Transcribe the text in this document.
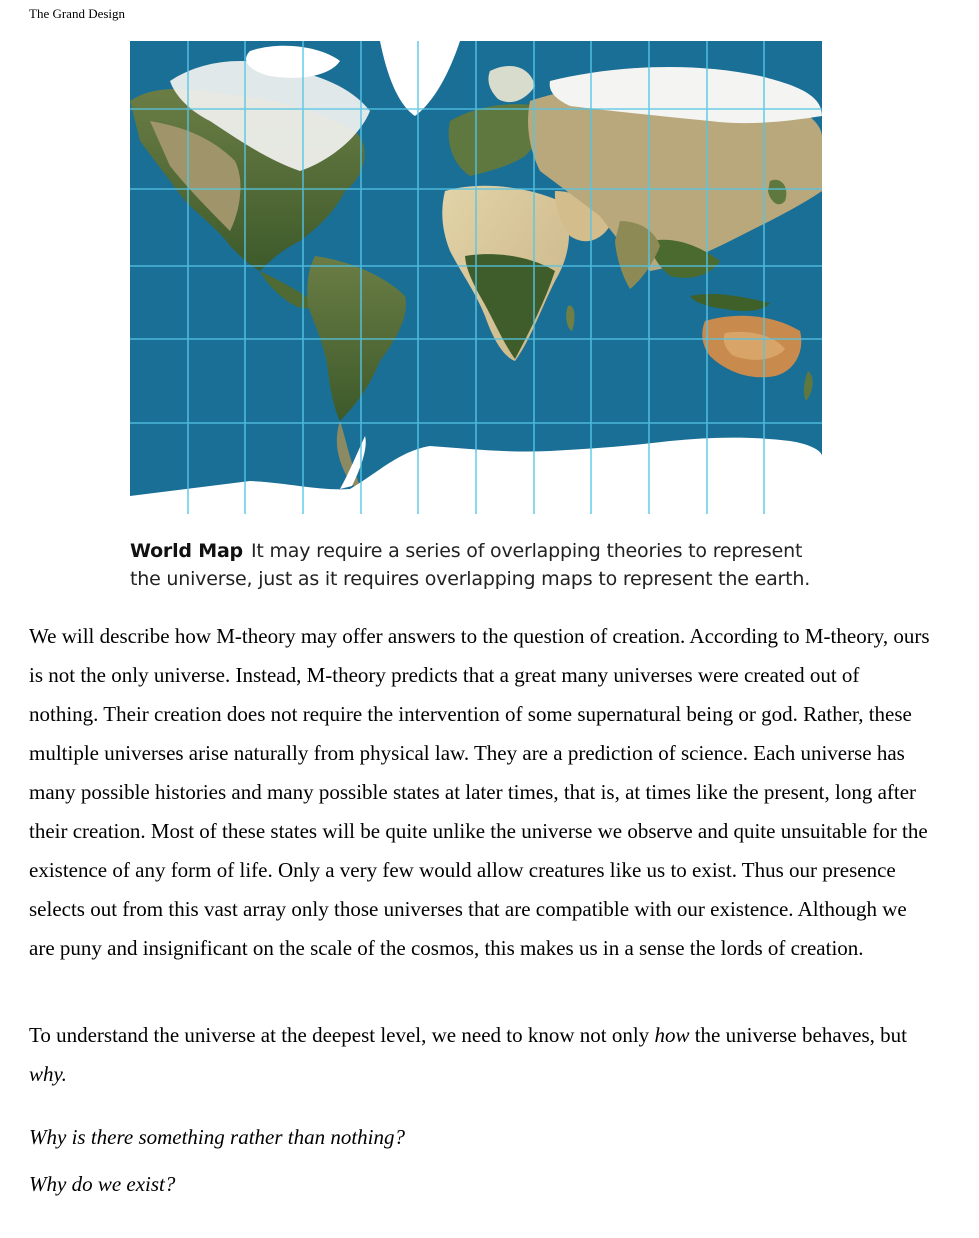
The Grand Design
World Map It may require a series of overlapping theories to represent the universe, just as it requires overlapping maps to represent the earth.

We will describe how M-theory may offer answers to the question of creation. According to M-theory, ours is not the only universe. Instead, M-theory predicts that a great many universes were created out of nothing. Their creation does not require the intervention of some supernatural being or god. Rather, these multiple universes arise naturally from physical law. They are a prediction of science. Each universe has many possible histories and many possible states at later times, that is, at times like the present, long after their creation. Most of these states will be quite unlike the universe we observe and quite unsuitable for the existence of any form of life. Only a very few would allow creatures like us to exist. Thus our presence selects out from this vast array only those universes that are compatible with our existence. Although we are puny and insignificant on the scale of the cosmos, this makes us in a sense the lords of creation.

To understand the universe at the deepest level, we need to know not only how the universe behaves, but why.

Why is there something rather than nothing?

Why do we exist?
